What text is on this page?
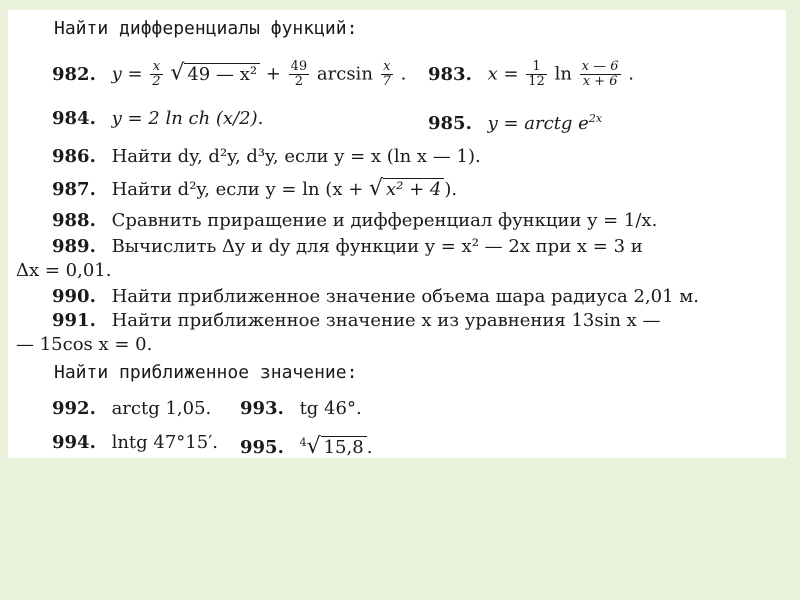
Найти дифференциалы функций:
982. $y = \frac{x}{2}$ √ 49 — $x^2 + \frac{49}{2}$ $\arcsin \frac{x}{7}$ . 983. $x = \frac{1}{12}$ $\ln \frac{x — 6}{x + 6}$ .
984. y = 2 ln ch (x/2).	985. y = arctg $e^{2x}$
986. Найти dy, d²y, d³y, если y = x (ln x — 1).
987. Найти d²y, если y = ln (x + √ x² + 4 ).
988. Сравнить приращение и дифференциал функции y = 1/x.
989. Вычислить Δy и dy для функции y = x² — 2x при x = 3 и
Δx = 0,01.
990. Найти приближенное значение объема шара радиуса 2,01 м.
991. Найти приближенное значение x из уравнения 13sin x —
— 15cos x = 0.
Найти приближенное значение:
992. arctg 1,05. 993. tg 46°.
994. lntg 47°15′. 995. $^4$√ 15,8 .
